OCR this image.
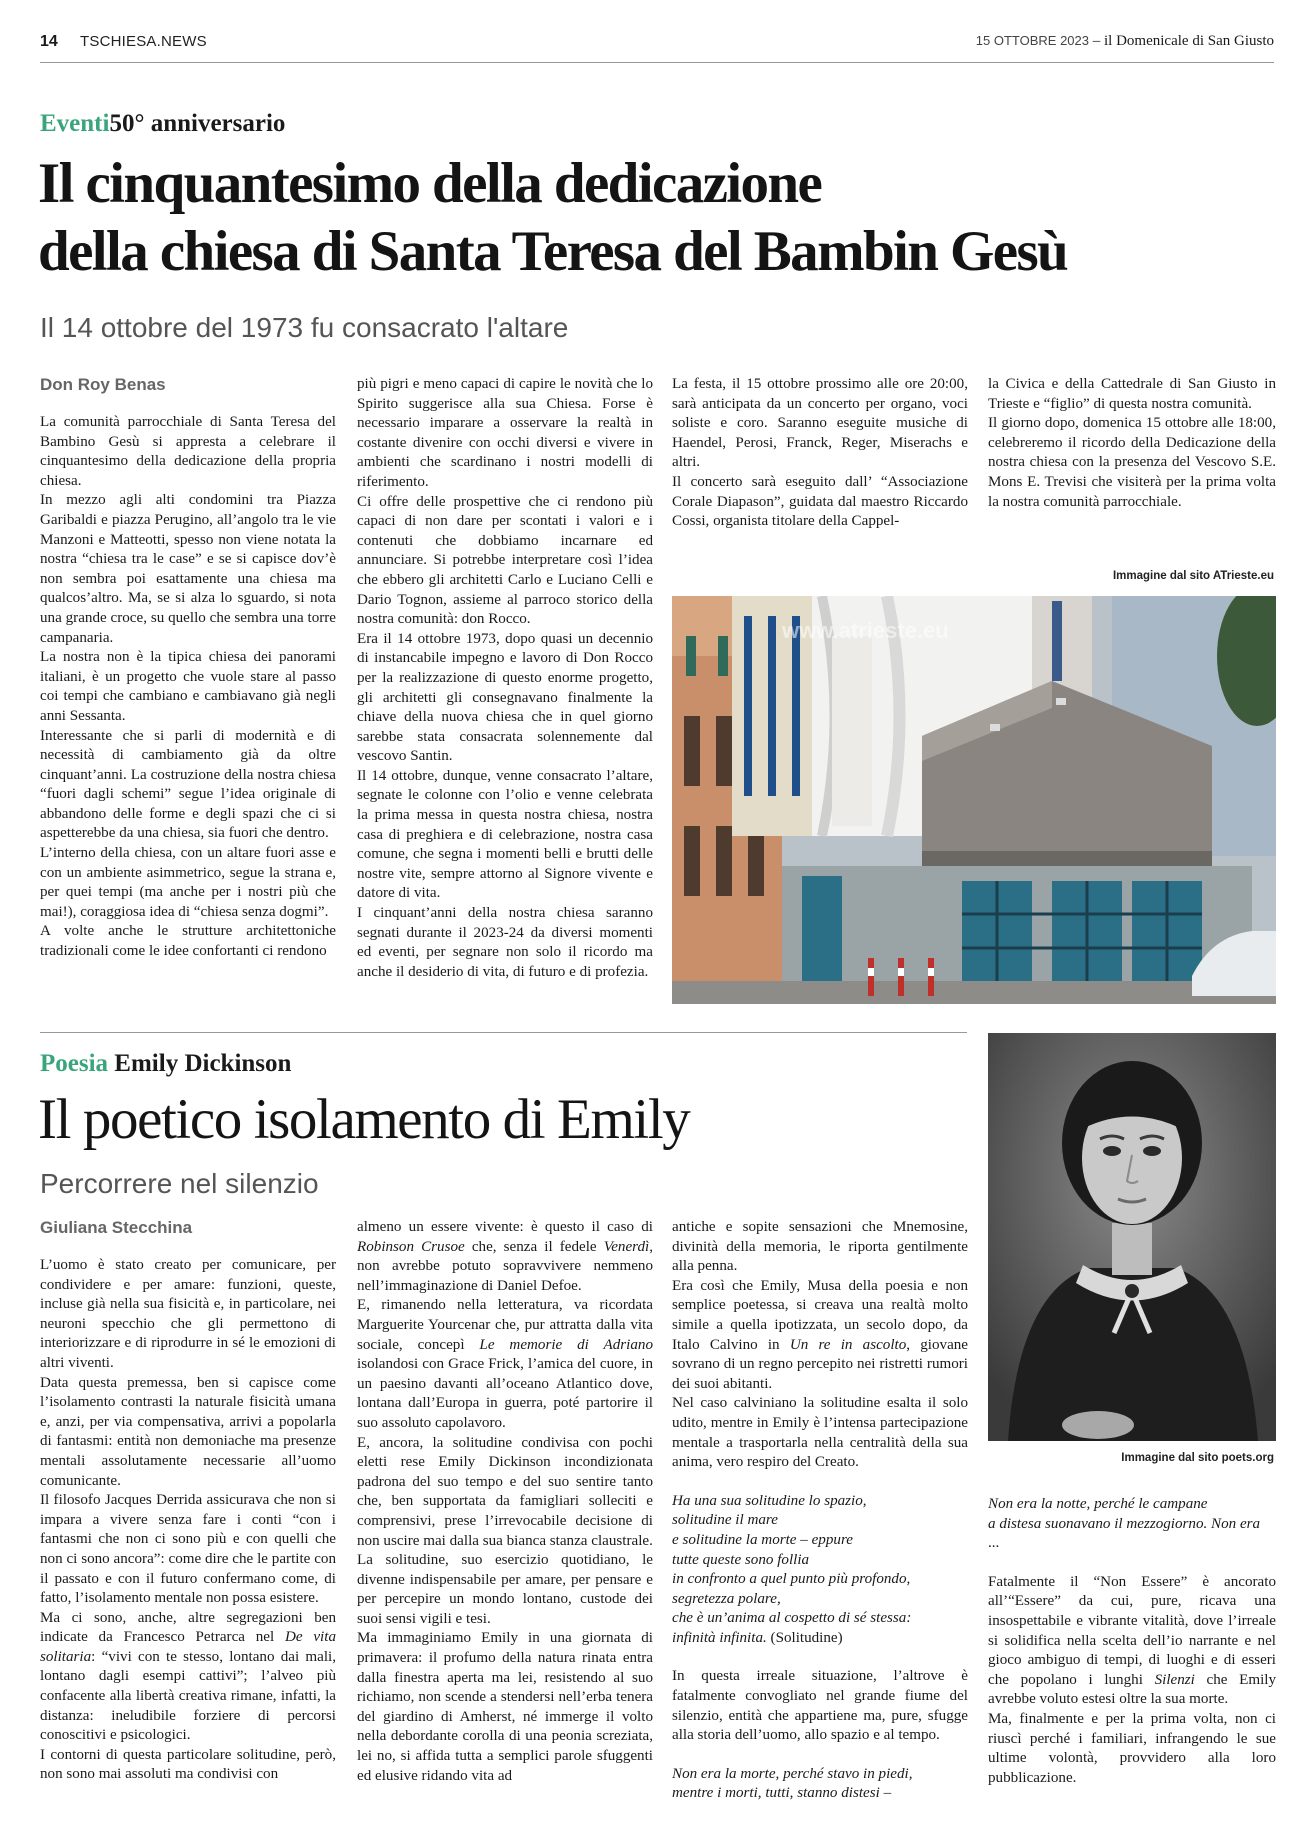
14 TSCHIESA.NEWS	15 OTTOBRE 2023 – il Domenicale di San Giusto
Eventi50° anniversario
Il cinquantesimo della dedicazione
della chiesa di Santa Teresa del Bambin Gesù
Il 14 ottobre del 1973 fu consacrato l'altare
Don Roy Benas

La comunità parrocchiale di Santa Teresa del Bambino Gesù si appresta a celebrare il cinquantesimo della dedicazione della propria chiesa.

In mezzo agli alti condomini tra Piazza Garibaldi e piazza Perugino, all’angolo tra le vie Manzoni e Matteotti, spesso non viene notata la nostra “chiesa tra le case” e se si capisce dov’è non sembra poi esattamente una chiesa ma qualcos’altro. Ma, se si alza lo sguardo, si nota una grande croce, su quello che sembra una torre campanaria.

La nostra non è la tipica chiesa dei panorami italiani, è un progetto che vuole stare al passo coi tempi che cambiano e cambiavano già negli anni Sessanta.

Interessante che si parli di modernità e di necessità di cambiamento già da oltre cinquant’anni. La costruzione della nostra chiesa “fuori dagli schemi” segue l’idea originale di abbandono delle forme e degli spazi che ci si aspetterebbe da una chiesa, sia fuori che dentro.

L’interno della chiesa, con un altare fuori asse e con un ambiente asimmetrico, segue la strana e, per quei tempi (ma anche per i nostri più che mai!), coraggiosa idea di “chiesa senza dogmi”.

A volte anche le strutture architettoniche tradizionali come le idee confortanti ci rendono

più pigri e meno capaci di capire le novità che lo Spirito suggerisce alla sua Chiesa. Forse è necessario imparare a osservare la realtà in costante divenire con occhi diversi e vivere in ambienti che scardinano i nostri modelli di riferimento.

Ci offre delle prospettive che ci rendono più capaci di non dare per scontati i valori e i contenuti che dobbiamo incarnare ed annunciare. Si potrebbe interpretare così l’idea che ebbero gli architetti Carlo e Luciano Celli e Dario Tognon, assieme al parroco storico della nostra comunità: don Rocco.

Era il 14 ottobre 1973, dopo quasi un decennio di instancabile impegno e lavoro di Don Rocco per la realizzazione di questo enorme progetto, gli architetti gli consegnavano finalmente la chiave della nuova chiesa che in quel giorno sarebbe stata consacrata solennemente dal vescovo Santin.

Il 14 ottobre, dunque, venne consacrato l’altare, segnate le colonne con l’olio e venne celebrata la prima messa in questa nostra chiesa, nostra casa di preghiera e di celebrazione, nostra casa comune, che segna i momenti belli e brutti delle nostre vite, sempre attorno al Signore vivente e datore di vita.

I cinquant’anni della nostra chiesa saranno segnati durante il 2023-24 da diversi momenti ed eventi, per segnare non solo il ricordo ma anche il desiderio di vita, di futuro e di profezia.

La festa, il 15 ottobre prossimo alle ore 20:00, sarà anticipata da un concerto per organo, voci soliste e coro. Saranno eseguite musiche di Haendel, Perosi, Franck, Reger, Miserachs e altri.

Il concerto sarà eseguito dall’ “Associazione Corale Diapason”, guidata dal maestro Riccardo Cossi, organista titolare della Cappel-

la Civica e della Cattedrale di San Giusto in Trieste e “figlio” di questa nostra comunità.

Il giorno dopo, domenica 15 ottobre alle 18:00, celebreremo il ricordo della Dedicazione della nostra chiesa con la presenza del Vescovo S.E. Mons E. Trevisi che visiterà per la prima volta la nostra comunità parrocchiale.

Immagine dal sito ATrieste.eu
www.atrieste.eu
Poesia Emily Dickinson
Il poetico isolamento di Emily
Percorrere nel silenzio
Giuliana Stecchina
Immagine dal sito poets.org

L’uomo è stato creato per comunicare, per condividere e per amare: funzioni, queste, incluse già nella sua fisicità e, in particolare, nei neuroni specchio che gli permettono di interiorizzare e di riprodurre in sé le emozioni di altri viventi.

Data questa premessa, ben si capisce come l’isolamento contrasti la naturale fisicità umana e, anzi, per via compensativa, arrivi a popolarla di fantasmi: entità non demoniache ma presenze mentali assolutamente necessarie all’uomo comunicante.

Il filosofo Jacques Derrida assicurava che non si impara a vivere senza fare i conti “con i fantasmi che non ci sono più e con quelli che non ci sono ancora”: come dire che le partite con il passato e con il futuro confermano come, di fatto, l’isolamento mentale non possa esistere.

Ma ci sono, anche, altre segregazioni ben indicate da Francesco Petrarca nel De vita solitaria: “vivi con te stesso, lontano dai mali, lontano dagli esempi cattivi”; l’alveo più confacente alla libertà creativa rimane, infatti, la distanza: ineludibile forziere di percorsi conoscitivi e psicologici.

I contorni di questa particolare solitudine, però, non sono mai assoluti ma condivisi con

almeno un essere vivente: è questo il caso di Robinson Crusoe che, senza il fedele Venerdì, non avrebbe potuto sopravvivere nemmeno nell’immaginazione di Daniel Defoe.

E, rimanendo nella letteratura, va ricordata Marguerite Yourcenar che, pur attratta dalla vita sociale, concepì Le memorie di Adriano isolandosi con Grace Frick, l’amica del cuore, in un paesino davanti all’oceano Atlantico dove, lontana dall’Europa in guerra, poté partorire il suo assoluto capolavoro.

E, ancora, la solitudine condivisa con pochi eletti rese Emily Dickinson incondizionata padrona del suo tempo e del suo sentire tanto che, ben supportata da famigliari solleciti e comprensivi, prese l’irrevocabile decisione di non uscire mai dalla sua bianca stanza claustrale.

La solitudine, suo esercizio quotidiano, le divenne indispensabile per amare, per pensare e per percepire un mondo lontano, custode dei suoi sensi vigili e tesi.

Ma immaginiamo Emily in una giornata di primavera: il profumo della natura rinata entra dalla finestra aperta ma lei, resistendo al suo richiamo, non scende a stendersi nell’erba tenera del giardino di Amherst, né immerge il volto nella debordante corolla di una peonia screziata, lei no, si affida tutta a semplici parole sfuggenti ed elusive ridando vita ad

antiche e sopite sensazioni che Mnemosine, divinità della memoria, le riporta gentilmente alla penna.

Era così che Emily, Musa della poesia e non semplice poetessa, si creava una realtà molto simile a quella ipotizzata, un secolo dopo, da Italo Calvino in Un re in ascolto, giovane sovrano di un regno percepito nei ristretti rumori dei suoi abitanti.

Nel caso calviniano la solitudine esalta il solo udito, mentre in Emily è l’intensa partecipazione mentale a trasportarla nella centralità della sua anima, vero respiro del Creato.

Ha una sua solitudine lo spazio,
solitudine il mare
e solitudine la morte – eppure
tutte queste sono follia
in confronto a quel punto più profondo,
segretezza polare,
che è un’anima al cospetto di sé stessa:
infinità infinita. (Solitudine)

In questa irreale situazione, l’altrove è fatalmente convogliato nel grande fiume del silenzio, entità che appartiene ma, pure, sfugge alla storia dell’uomo, allo spazio e al tempo.

Non era la morte, perché stavo in piedi,
mentre i morti, tutti, stanno distesi –

Non era la notte, perché le campane
a distesa suonavano il mezzogiorno. Non era
...

Fatalmente il “Non Essere” è ancorato all’“Essere” da cui, pure, ricava una insospettabile e vibrante vitalità, dove l’irreale si solidifica nella scelta dell’io narrante e nel gioco ambiguo di tempi, di luoghi e di esseri che popolano i lunghi Silenzi che Emily avrebbe voluto estesi oltre la sua morte.

Ma, finalmente e per la prima volta, non ci riuscì perché i familiari, infrangendo le sue ultime volontà, provvidero alla loro pubblicazione.
